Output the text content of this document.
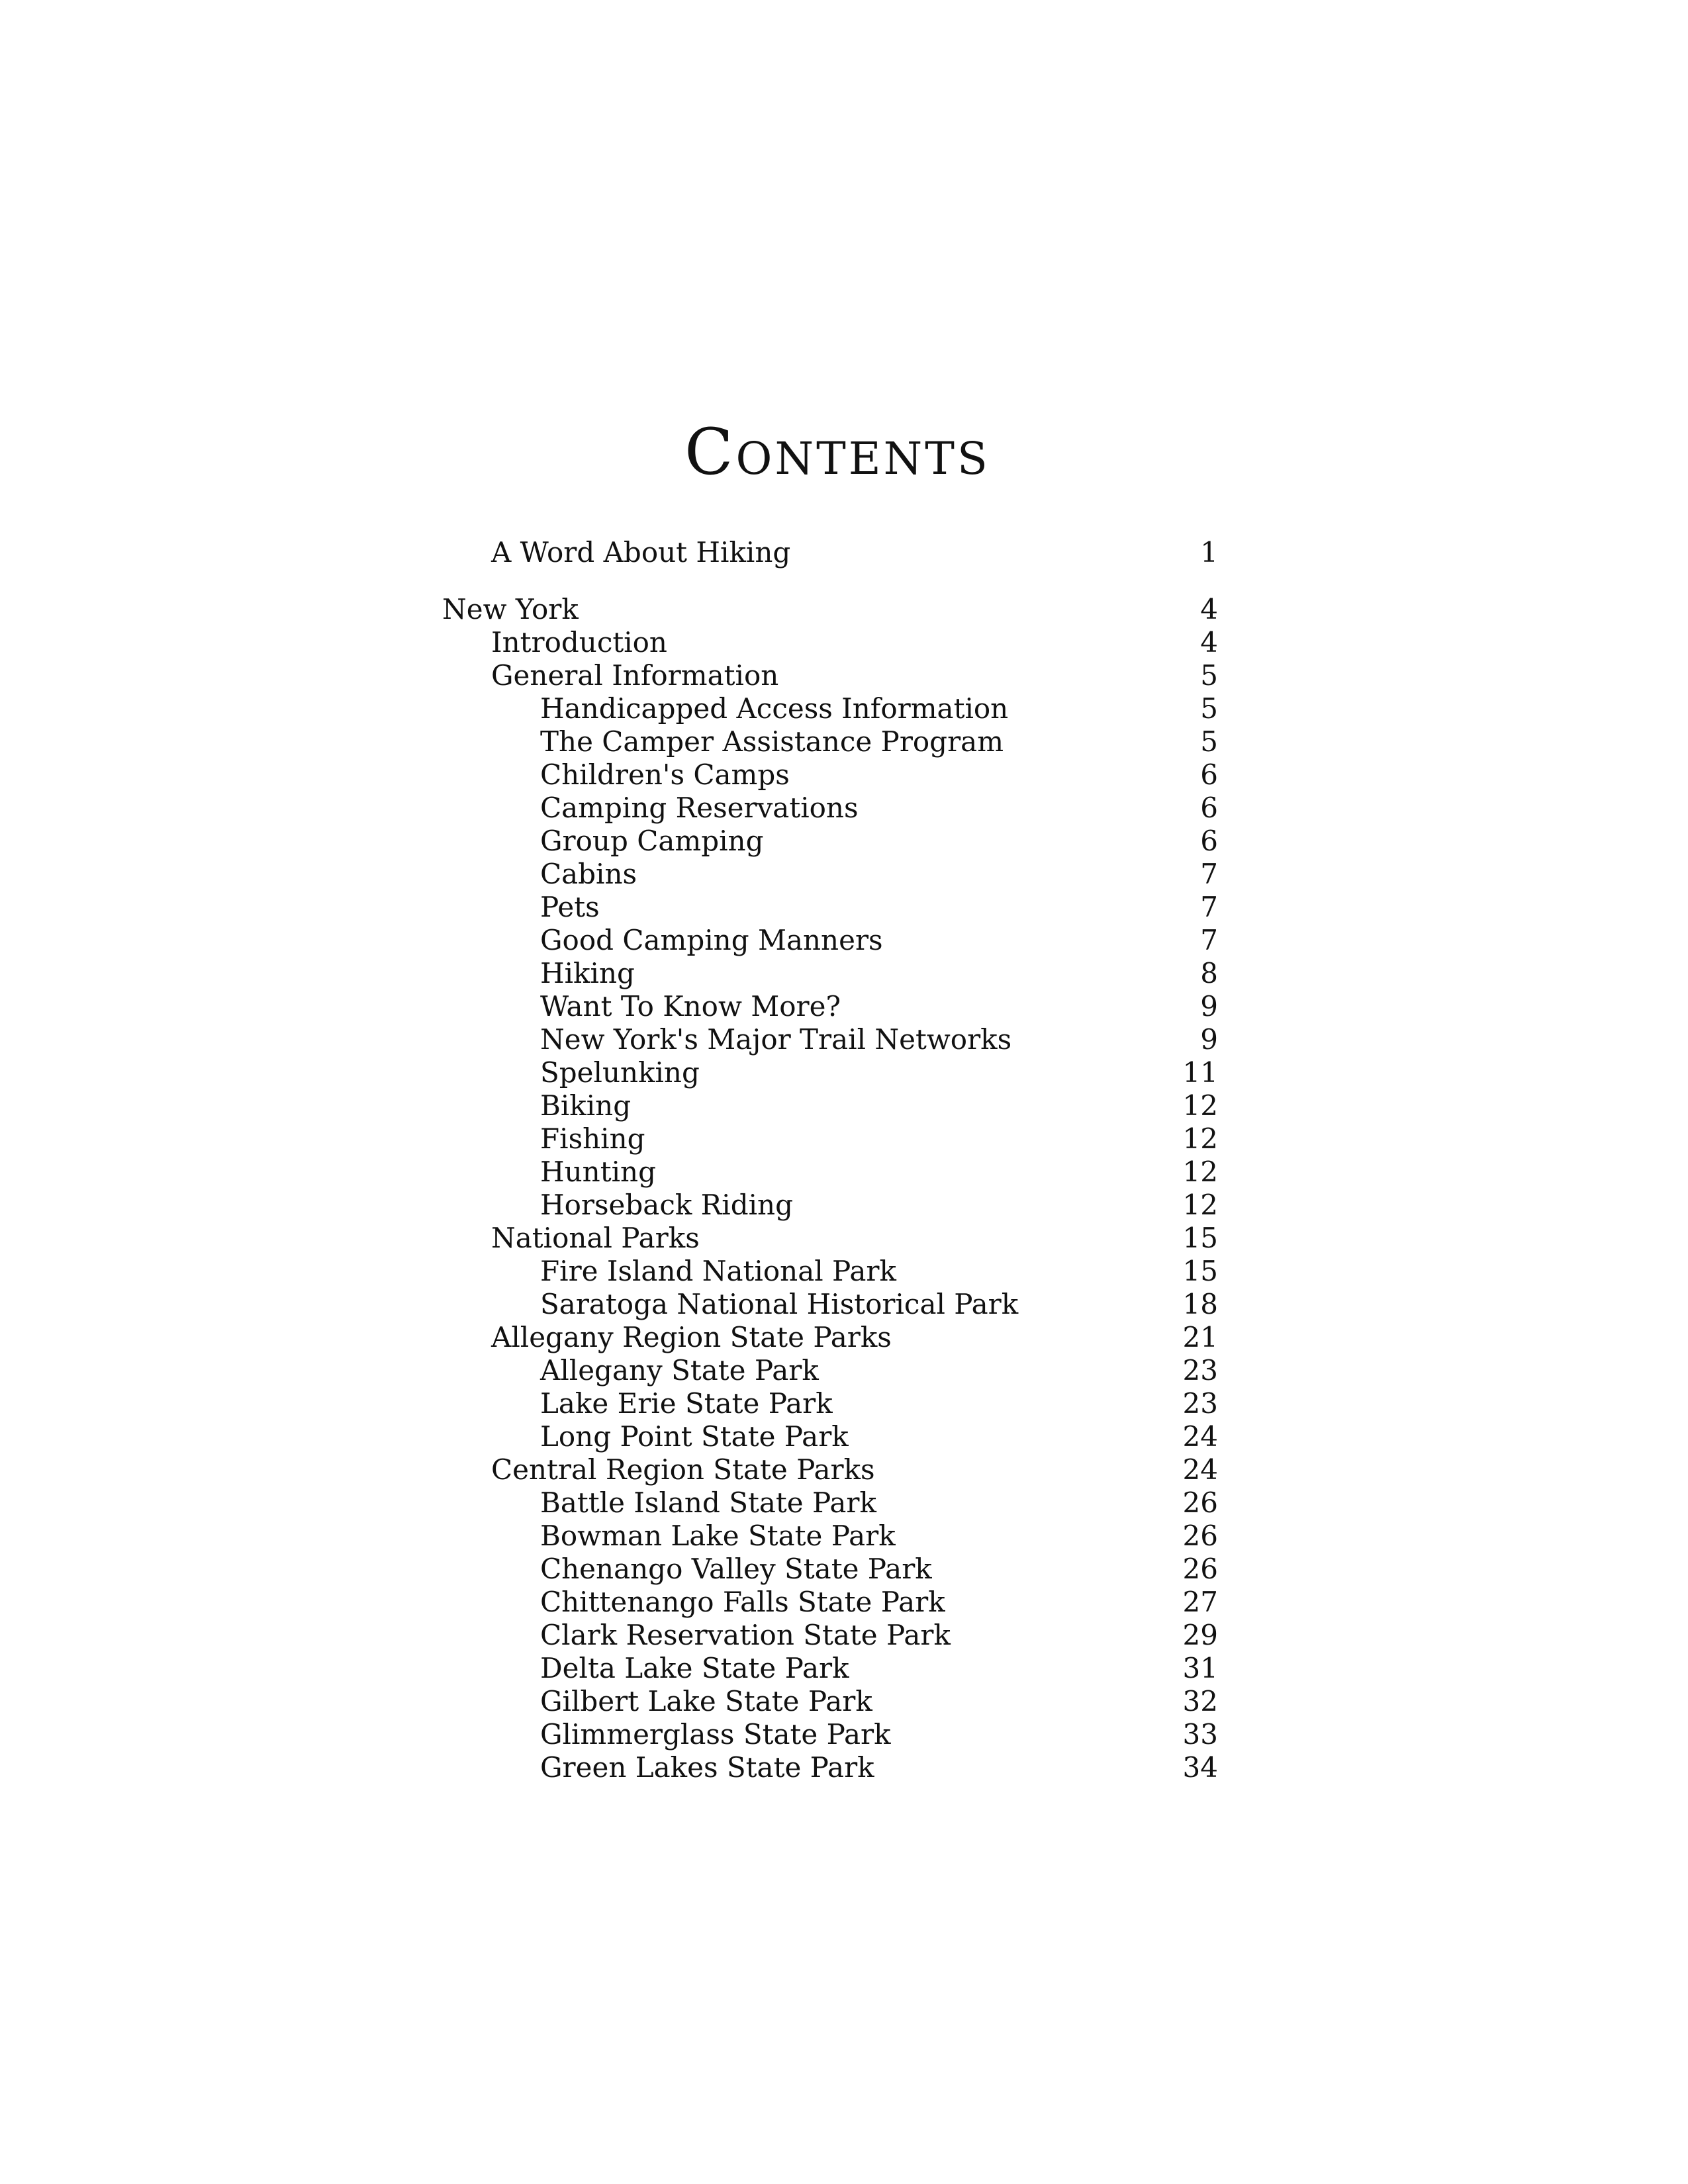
Contents
A Word About Hiking	1
New York	4
Introduction	4
General Information	5
Handicapped Access Information	5
The Camper Assistance Program	5
Children's Camps	6
Camping Reservations	6
Group Camping	6
Cabins	7
Pets	7
Good Camping Manners	7
Hiking	8
Want To Know More?	9
New York's Major Trail Networks	9
Spelunking	11
Biking	12
Fishing	12
Hunting	12
Horseback Riding	12
National Parks	15
Fire Island National Park	15
Saratoga National Historical Park	18
Allegany Region State Parks	21
Allegany State Park	23
Lake Erie State Park	23
Long Point State Park	24
Central Region State Parks	24
Battle Island State Park	26
Bowman Lake State Park	26
Chenango Valley State Park	26
Chittenango Falls State Park	27
Clark Reservation State Park	29
Delta Lake State Park	31
Gilbert Lake State Park	32
Glimmerglass State Park	33
Green Lakes State Park	34
